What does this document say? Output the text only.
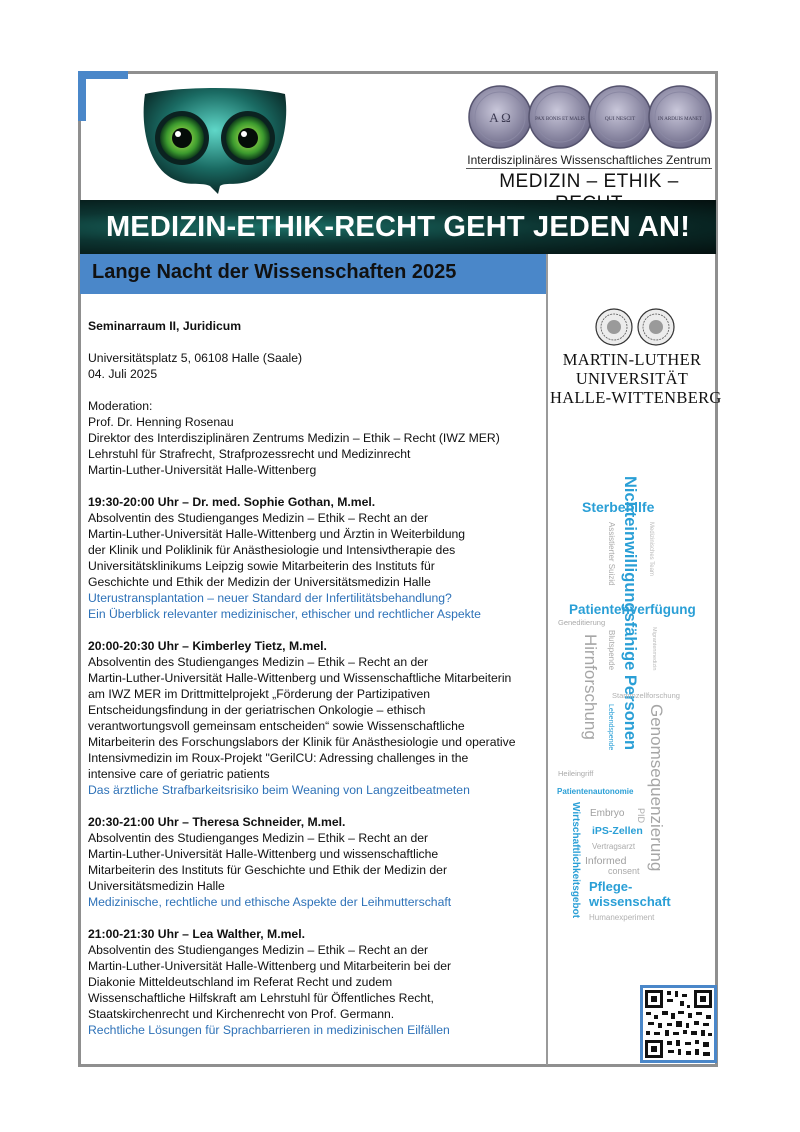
A Ω	PAX BONIS ET MALIS	QUI NESCIT	IN ARDUIS MANET
Interdisziplinäres Wissenschaftliches Zentrum
MEDIZIN – ETHIK –
MEDIZIN-ETHIK-RECHT GEHT JEDEN AN!
Lange Nacht der Wissenschaften 2025

Seminarraum II, Juridicum

Universitätsplatz 5, 06108 Halle (Saale)

04. Juli 2025

Moderation:

Prof. Dr. Henning Rosenau

Direktor des Interdisziplinären Zentrums Medizin – Ethik – Recht (IWZ MER)

Lehrstuhl für Strafrecht, Strafprozessrecht und Medizinrecht

Martin-Luther-Universität Halle-Wittenberg

19:30-20:00 Uhr – Dr. med. Sophie Gothan, M.mel.

Absolventin des Studienganges Medizin – Ethik – Recht an der

Martin-Luther-Universität Halle-Wittenberg und Ärztin in Weiterbildung

der Klinik und Poliklinik für Anästhesiologie und Intensivtherapie des

Universitätsklinikums Leipzig sowie Mitarbeiterin des Instituts für

Geschichte und Ethik der Medizin der Universitätsmedizin Halle

Uterustransplantation – neuer Standard der Infertilitätsbehandlung?

Ein Überblick relevanter medizinischer, ethischer und rechtlicher Aspekte

20:00-20:30 Uhr – Kimberley Tietz, M.mel.

Absolventin des Studienganges Medizin – Ethik – Recht an der

Martin-Luther-Universität Halle-Wittenberg und Wissenschaftliche Mitarbeiterin

am IWZ MER im Drittmittelprojekt „Förderung der Partizipativen

Entscheidungsfindung in der geriatrischen Onkologie – ethisch

verantwortungsvoll gemeinsam entscheiden“ sowie Wissenschaftliche

Mitarbeiterin des Forschungslabors der Klinik für Anästhesiologie und operative

Intensivmedizin im Roux-Projekt "GerilCU: Adressing challenges in the

intensive care of geriatric patients

Das ärztliche Strafbarkeitsrisiko beim Weaning von Langzeitbeatmeten

20:30-21:00 Uhr – Theresa Schneider, M.mel.

Absolventin des Studienganges Medizin – Ethik – Recht an der

Martin-Luther-Universität Halle-Wittenberg und wissenschaftliche

Mitarbeiterin des Instituts für Geschichte und Ethik der Medizin der

Universitätsmedizin Halle

Medizinische, rechtliche und ethische Aspekte der Leihmutterschaft

21:00-21:30 Uhr – Lea Walther, M.mel.

Absolventin des Studienganges Medizin – Ethik – Recht an der

Martin-Luther-Universität Halle-Wittenberg und Mitarbeiterin bei der

Diakonie Mitteldeutschland im Referat Recht und zudem

Wissenschaftliche Hilfskraft am Lehrstuhl für Öffentliches Recht,

Staatskirchenrecht und Kirchenrecht von Prof. Germann.

Rechtliche Lösungen für Sprachbarrieren in medizinischen Eilfällen

MARTIN-LUTHER
UNIVERSITÄT
HALLE-WITTENBERG
Sterbehilfe
Nichteinwilligungsfähige Personen
Assistierter Suizid	Medizinisches Team
Patientenverfügung
Geneditierung
Blutspende	Migrantenmedizin
Hirnforschung Stammzellforschung
Lebendspende Genomsequenzierung
Heileingriff
Patientenautonomie
Embryo PID
Wirtschaftlichkeitsgebot iPS-Zellen
Vertragsarzt
Informed
consent
Pflege-
wissenschaft
Humanexperiment
